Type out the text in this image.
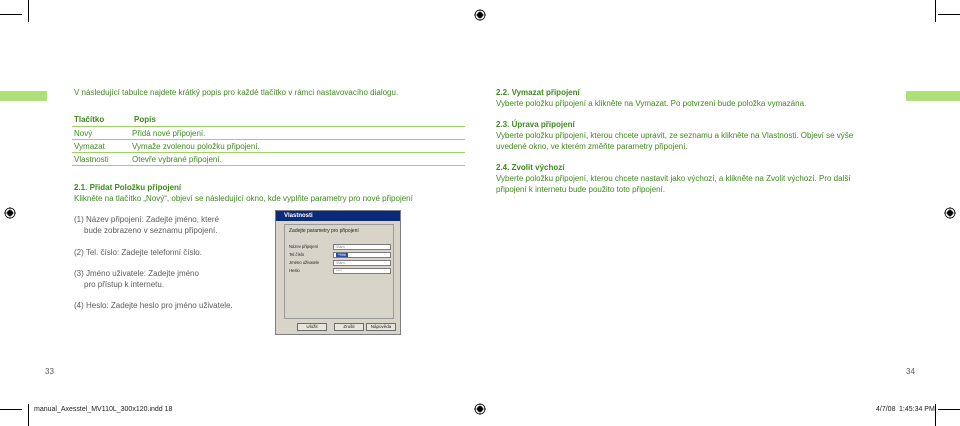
V následující tabulce najdete krátký popis pro každé tlačítko v rámci nastavovacího dialogu.
Tlačítko	Popis
Nový	Přidá nové připojení.
Vymazat	Vymaže zvolenou položku připojení.
Vlastnosti	Otevře vybrané připojení.
2.1. Přidat Položku připojení
Klikněte na tlačítko „Nový“, objeví se následující okno, kde vyplňte parametry pro nové připojení
(1) Název připojení: Zadejte jméno, které
bude zobrazeno v seznamu připojení.
(2) Tel. číslo: Zadejte telefonní číslo.
(3) Jméno uživatele: Zadejte jméno
pro přístup k internetu.
(4) Heslo: Zadejte heslo pro jméno uživatele.
Vlastnosti
Zadejte parametry pro připojení
Název připojení	Vlam
Tel.číslo	*99#
Jméno uživatele	Vlam
Heslo	****
Uložit	Zrušit	Nápověda
33
2.2. Vymazat připojení
Vyberte položku připojení a klikněte na Vymazat. Po potvrzení bude položka vymazána.
2.3. Úprava připojení
Vyberte položku připojení, kterou chcete upravit, ze seznamu a klikněte na Vlastnosti. Objeví se výše
uvedené okno, ve kterém změňte parametry připojení.
2.4. Zvolit výchozí
Vyberte položku připojení, kterou chcete nastavit jako výchozí, a klikněte na Zvolit výchozí. Pro další
připojení k internetu bude použito toto připojení.
34
manual_Axesstel_MV110L_300x120.indd 18	4/7/08 1:45:34 PM
